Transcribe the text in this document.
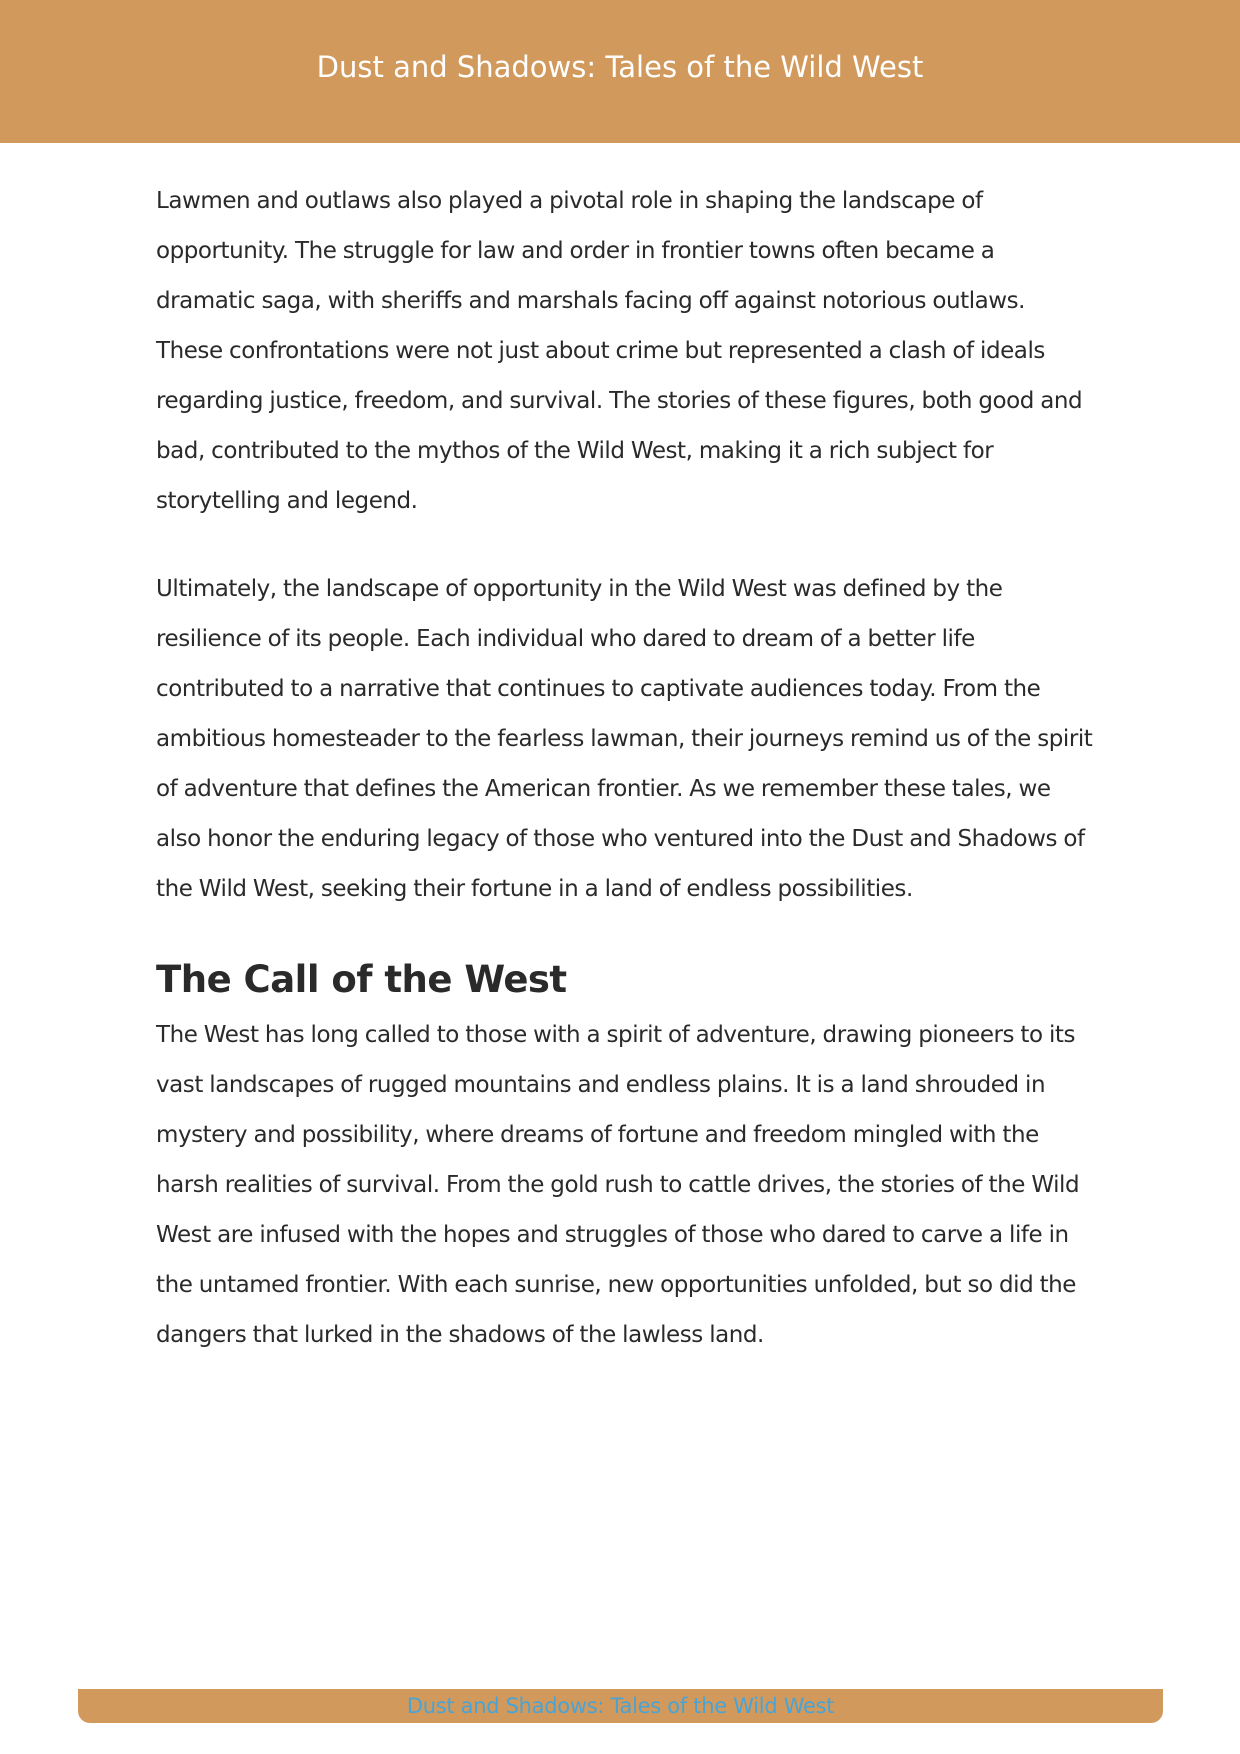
Dust and Shadows: Tales of the Wild West

Lawmen and outlaws also played a pivotal role in shaping the landscape of opportunity. The struggle for law and order in frontier towns often became a dramatic saga, with sheriffs and marshals facing off against notorious outlaws. These confrontations were not just about crime but represented a clash of ideals regarding justice, freedom, and survival. The stories of these figures, both good and bad, contributed to the mythos of the Wild West, making it a rich subject for storytelling and legend.

Ultimately, the landscape of opportunity in the Wild West was defined by the resilience of its people. Each individual who dared to dream of a better life contributed to a narrative that continues to captivate audiences today. From the ambitious homesteader to the fearless lawman, their journeys remind us of the spirit of adventure that defines the American frontier. As we remember these tales, we also honor the enduring legacy of those who ventured into the Dust and Shadows of the Wild West, seeking their fortune in a land of endless possibilities.

The Call of the West

The West has long called to those with a spirit of adventure, drawing pioneers to its vast landscapes of rugged mountains and endless plains. It is a land shrouded in mystery and possibility, where dreams of fortune and freedom mingled with the harsh realities of survival. From the gold rush to cattle drives, the stories of the Wild West are infused with the hopes and struggles of those who dared to carve a life in the untamed frontier. With each sunrise, new opportunities unfolded, but so did the dangers that lurked in the shadows of the lawless land.

Dust and Shadows: Tales of the Wild West
